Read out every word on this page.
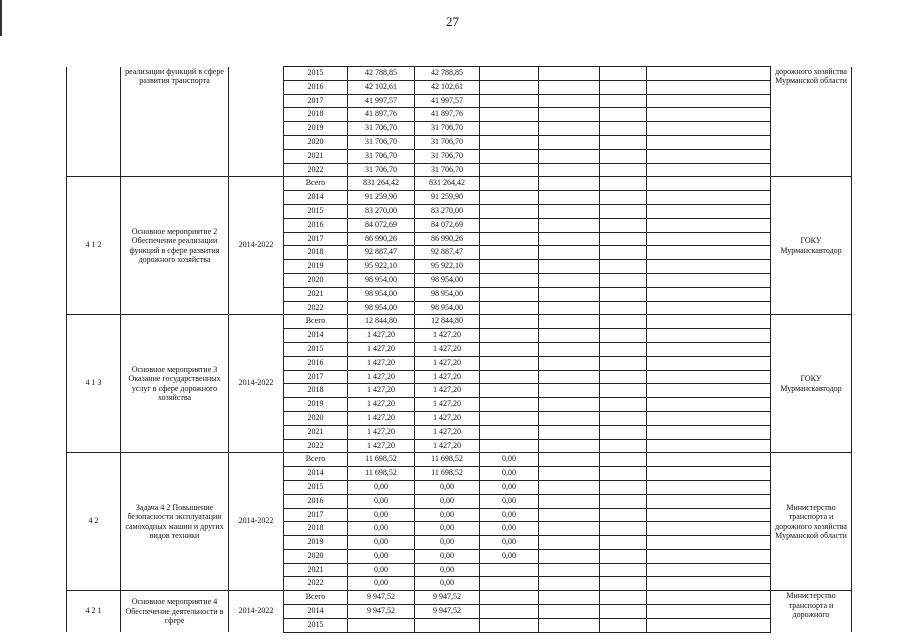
27
	реализации функций в сфере развития транспорта		2015	42 788,85	42 788,85					дорожного хозяйства Мурманской области
			2016	42 102,61	42 102,61					
			2017	41 997,57	41 997,57					
			2018	41 897,76	41 897,76					
			2019	31 706,70	31 706,70					
			2020	31 706,70	31 706,70					
			2021	31 706,70	31 706,70					
			2022	31 706,70	31 706,70					
4 1 2	Основное мероприятие 2 Обеспечение реализации функций в сфере развития дорожного хозяйства	2014-2022	Всего	831 264,42	831 264,42					ГОКУ Мурманскавтодор
			2014	91 259,90	91 259,90					
			2015	83 270,00	83 270,00					
			2016	84 072,69	84 072,69					
			2017	86 990,26	86 990,26					
			2018	92 887,47	92 887,47					
			2019	95 922,10	95 922,10					
			2020	98 954,00	98 954,00					
			2021	98 954,00	98 954,00					
			2022	98 954,00	98 954,00					
4 1 3	Основное мероприятие 3 Оказание государственных услуг в сфере дорожного хозяйства	2014-2022	Всего	12 844,80	12 844,80					ГОКУ Мурманскавтодор
			2014	1 427,20	1 427,20					
			2015	1 427,20	1 427,20					
			2016	1 427,20	1 427,20					
			2017	1 427,20	1 427,20					
			2018	1 427,20	1 427,20					
			2019	1 427,20	1 427,20					
			2020	1 427,20	1 427,20					
			2021	1 427,20	1 427,20					
			2022	1 427,20	1 427,20					
4 2	Задача 4 2 Повышение безопасности эксплуатации самоходных машин и других видов техники	2014-2022	Всего	11 698,52	11 698,52	0,00				Министерство транспорта и дорожного хозяйства Мурманской области
			2014	11 698,52	11 698,52	0,00				
			2015	0,00	0,00	0,00				
			2016	0,00	0,00	0,00				
			2017	0,00	0,00	0,00				
			2018	0,00	0,00	0,00				
			2019	0,00	0,00	0,00				
			2020	0,00	0,00	0,00				
			2021	0,00	0,00					
			2022	0,00	0,00					
4 2 1	Основное мероприятие 4 Обеспечение деятельности в сфере	2014-2022	Всего	9 947,52	9 947,52					Министерство транспорта и дорожного
			2014	9 947,52	9 947,52					
			2015							
